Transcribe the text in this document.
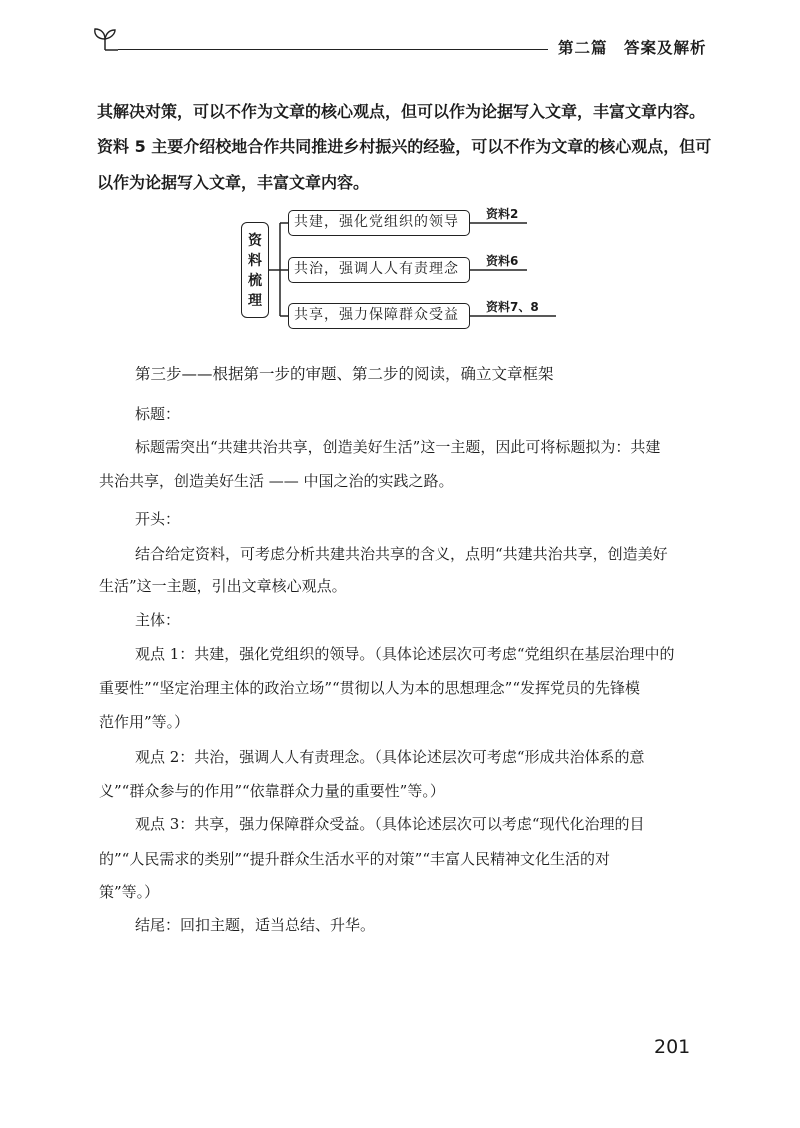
第二篇　答案及解析
其解决对策，可以不作为文章的核心观点，但可以作为论据写入文章，丰富文章内容。
资料 5 主要介绍校地合作共同推进乡村振兴的经验，可以不作为文章的核心观点，但可
以作为论据写入文章，丰富文章内容。
资
料
梳
理
共建，强化党组织的领导
共治，强调人人有责理念
共享，强力保障群众受益
资料2
资料6
资料7、8
第三步——根据第一步的审题、第二步的阅读，确立文章框架
标题：
标题需突出“共建共治共享，创造美好生活”这一主题，因此可将标题拟为：共建
共治共享，创造美好生活 —— 中国之治的实践之路。
开头：
结合给定资料，可考虑分析共建共治共享的含义，点明“共建共治共享，创造美好
生活”这一主题，引出文章核心观点。
主体：
观点 1：共建，强化党组织的领导。（具体论述层次可考虑“党组织在基层治理中的
重要性”“坚定治理主体的政治立场”“贯彻以人为本的思想理念”“发挥党员的先锋模
范作用”等。）
观点 2：共治，强调人人有责理念。（具体论述层次可考虑“形成共治体系的意
义”“群众参与的作用”“依靠群众力量的重要性”等。）
观点 3：共享，强力保障群众受益。（具体论述层次可以考虑“现代化治理的目
的”“人民需求的类别”“提升群众生活水平的对策”“丰富人民精神文化生活的对
策”等。）
结尾：回扣主题，适当总结、升华。
201
